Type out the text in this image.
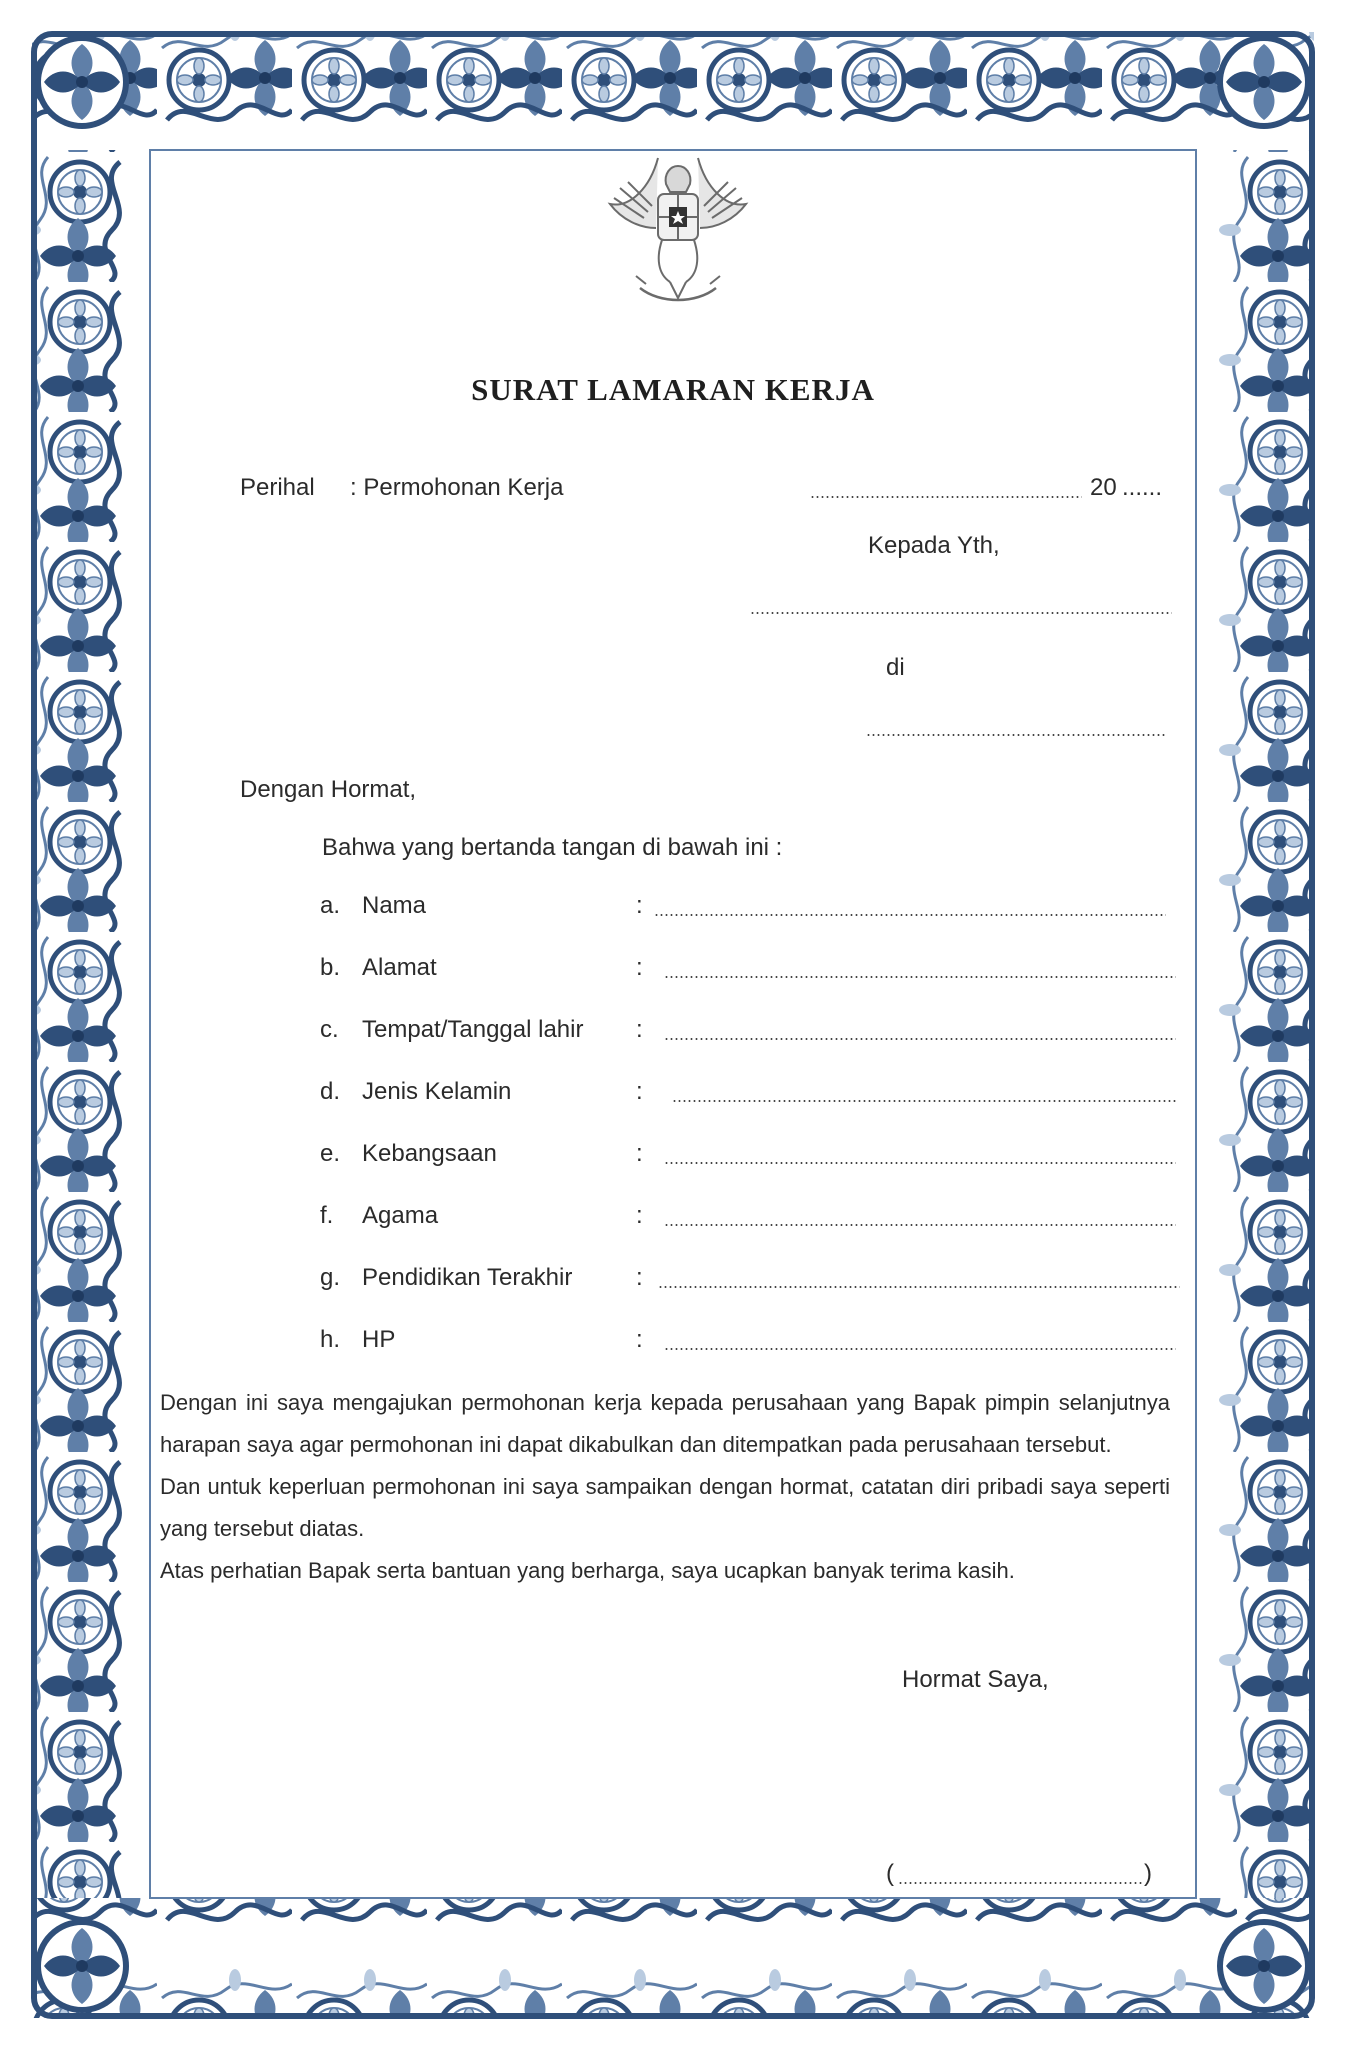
SURAT LAMARAN KERJA
Perihal : Permohonan Kerja	20 ......
Kepada Yth,
di
Dengan Hormat,
Bahwa yang bertanda tangan di bawah ini :
a. Nama	:
b. Alamat	:
c. Tempat/Tanggal lahir :
d. Jenis Kelamin	:
e. Kebangsaan	:
f. Agama	:
g. Pendidikan Terakhir	:
h. HP	:

Dengan ini saya mengajukan permohonan kerja kepada perusahaan yang Bapak pimpin selanjutnya harapan saya agar permohonan ini dapat dikabulkan dan ditempatkan pada perusahaan tersebut.

Dan untuk keperluan permohonan ini saya sampaikan dengan hormat, catatan diri pribadi saya seperti yang tersebut diatas.

Atas perhatian Bapak serta bantuan yang berharga, saya ucapkan banyak terima kasih.

Hormat Saya,
(	)
